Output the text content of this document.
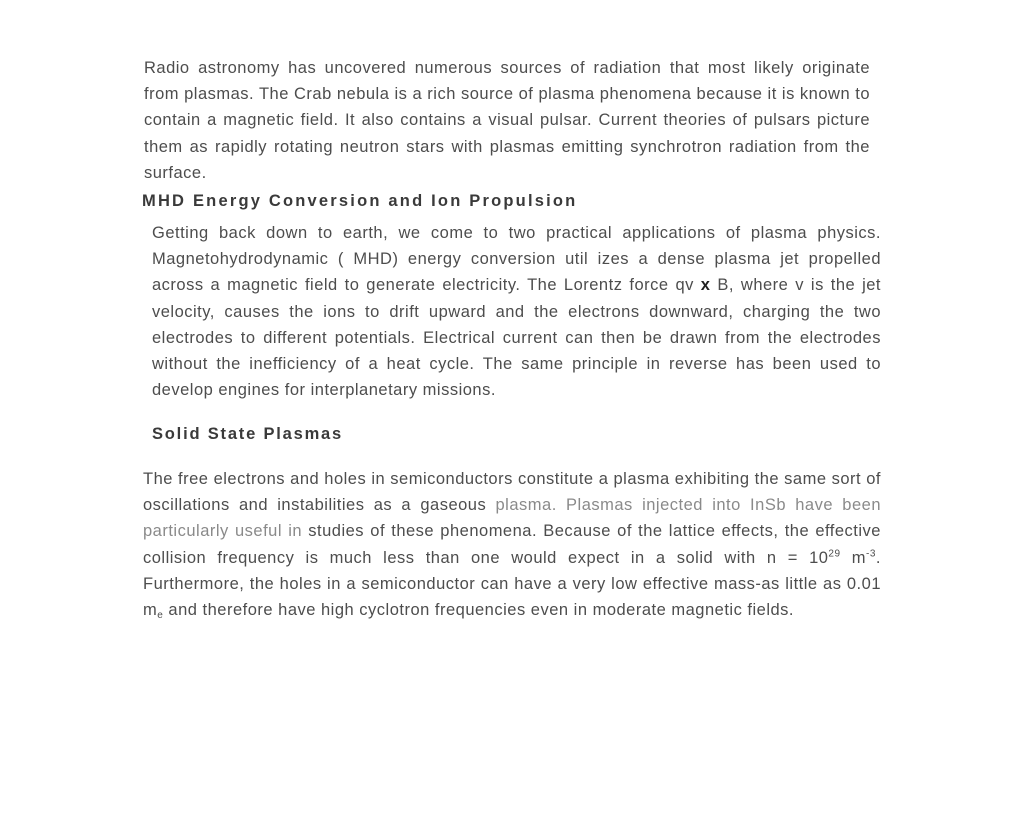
Radio astronomy has uncovered numerous sources of radiation that most likely originate from plasmas. The Crab nebula is a rich source of plasma phenomena because it is known to contain a magnetic field. It also contains a visual pulsar. Current theories of pulsars picture them as rapidly rotating neutron stars with plasmas emitting synchrotron radiation from the surface.

MHD Energy Conversion and Ion Propulsion

Getting back down to earth, we come to two practical applications of plasma physics. Magnetohydrodynamic ( MHD) energy conversion util izes a dense plasma jet propelled across a magnetic field to generate electricity. The Lorentz force qv x B, where v is the jet velocity, causes the ions to drift upward and the electrons downward, charging the two electrodes to different potentials. Electrical current can then be drawn from the electrodes without the inefficiency of a heat cycle. The same principle in reverse has been used to develop engines for interplanetary missions.

Solid State Plasmas

The free electrons and holes in semiconductors constitute a plasma exhibiting the same sort of oscillations and instabilities as a gaseous plasma. Plasmas injected into InSb have been particularly useful in studies of these phenomena. Because of the lattice effects, the effective collision frequency is much less than one would expect in a solid with $n = 10^{29}$ $m^{-3}$. Furthermore, the holes in a semiconductor can have a very low effective mass-as little as 0.01 $m_e$ and therefore have high cyclotron frequencies even in moderate magnetic fields.
